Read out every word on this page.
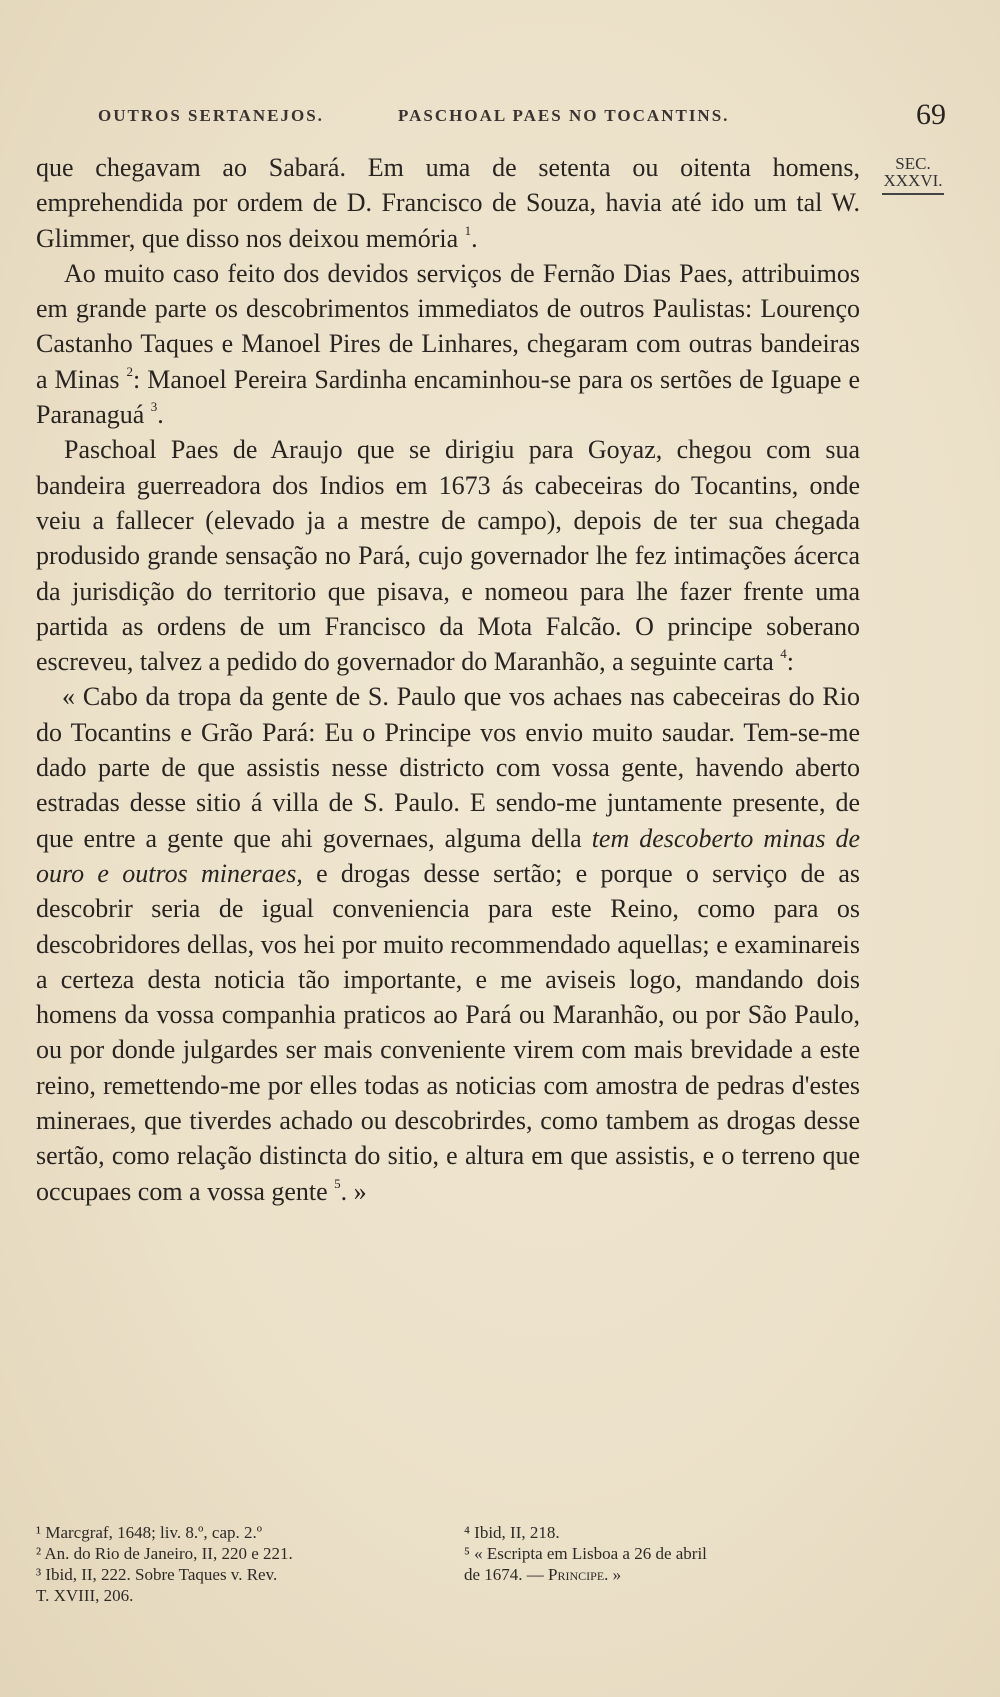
OUTROS SERTANEJOS.	PASCHOAL PAES NO TOCANTINS.	69
SEC.
XXXVI.

que chegavam ao Sabará. Em uma de setenta ou oitenta homens, emprehendida por ordem de D. Francisco de Souza, havia até ido um tal W. Glimmer, que disso nos deixou memória $^1$.

Ao muito caso feito dos devidos serviços de Fernão Dias Paes, attribuimos em grande parte os descobrimentos immediatos de outros Paulistas: Lourenço Castanho Taques e Manoel Pires de Linhares, chegaram com outras bandeiras a Minas $^2$: Manoel Pereira Sardinha encaminhou-se para os sertões de Iguape e Paranaguá $^3$.

Paschoal Paes de Araujo que se dirigiu para Goyaz, chegou com sua bandeira guerreadora dos Indios em 1673 ás cabeceiras do Tocantins, onde veiu a fallecer (elevado ja a mestre de campo), depois de ter sua chegada produsido grande sensação no Pará, cujo governador lhe fez intimações ácerca da jurisdição do territorio que pisava, e nomeou para lhe fazer frente uma partida as ordens de um Francisco da Mota Falcão. O principe soberano escreveu, talvez a pedido do governador do Maranhão, a seguinte carta $^4$:

« Cabo da tropa da gente de S. Paulo que vos achaes nas cabeceiras do Rio do Tocantins e Grão Pará: Eu o Principe vos envio muito saudar. Tem-se-me dado parte de que assistis nesse districto com vossa gente, havendo aberto estradas desse sitio á villa de S. Paulo. E sendo-me juntamente presente, de que entre a gente que ahi governaes, alguma della tem descoberto minas de ouro e outros mineraes, e drogas desse sertão; e porque o serviço de as descobrir seria de igual conveniencia para este Reino, como para os descobridores dellas, vos hei por muito recommendado aquellas; e examinareis a certeza desta noticia tão importante, e me aviseis logo, mandando dois homens da vossa companhia praticos ao Pará ou Maranhão, ou por São Paulo, ou por donde julgardes ser mais conveniente virem com mais brevidade a este reino, remettendo-me por elles todas as noticias com amostra de pedras d'estes mineraes, que tiverdes achado ou descobrirdes, como tambem as drogas desse sertão, como relação distincta do sitio, e altura em que assistis, e o terreno que occupaes com a vossa gente $^5$. »

¹ Marcgraf, 1648; liv. 8.º, cap. 2.º

² An. do Rio de Janeiro, II, 220 e 221.

³ Ibid, II, 222. Sobre Taques v. Rev.

T. XVIII, 206.

⁴ Ibid, II, 218.

⁵ « Escripta em Lisboa a 26 de abril

de 1674. — Principe. »
